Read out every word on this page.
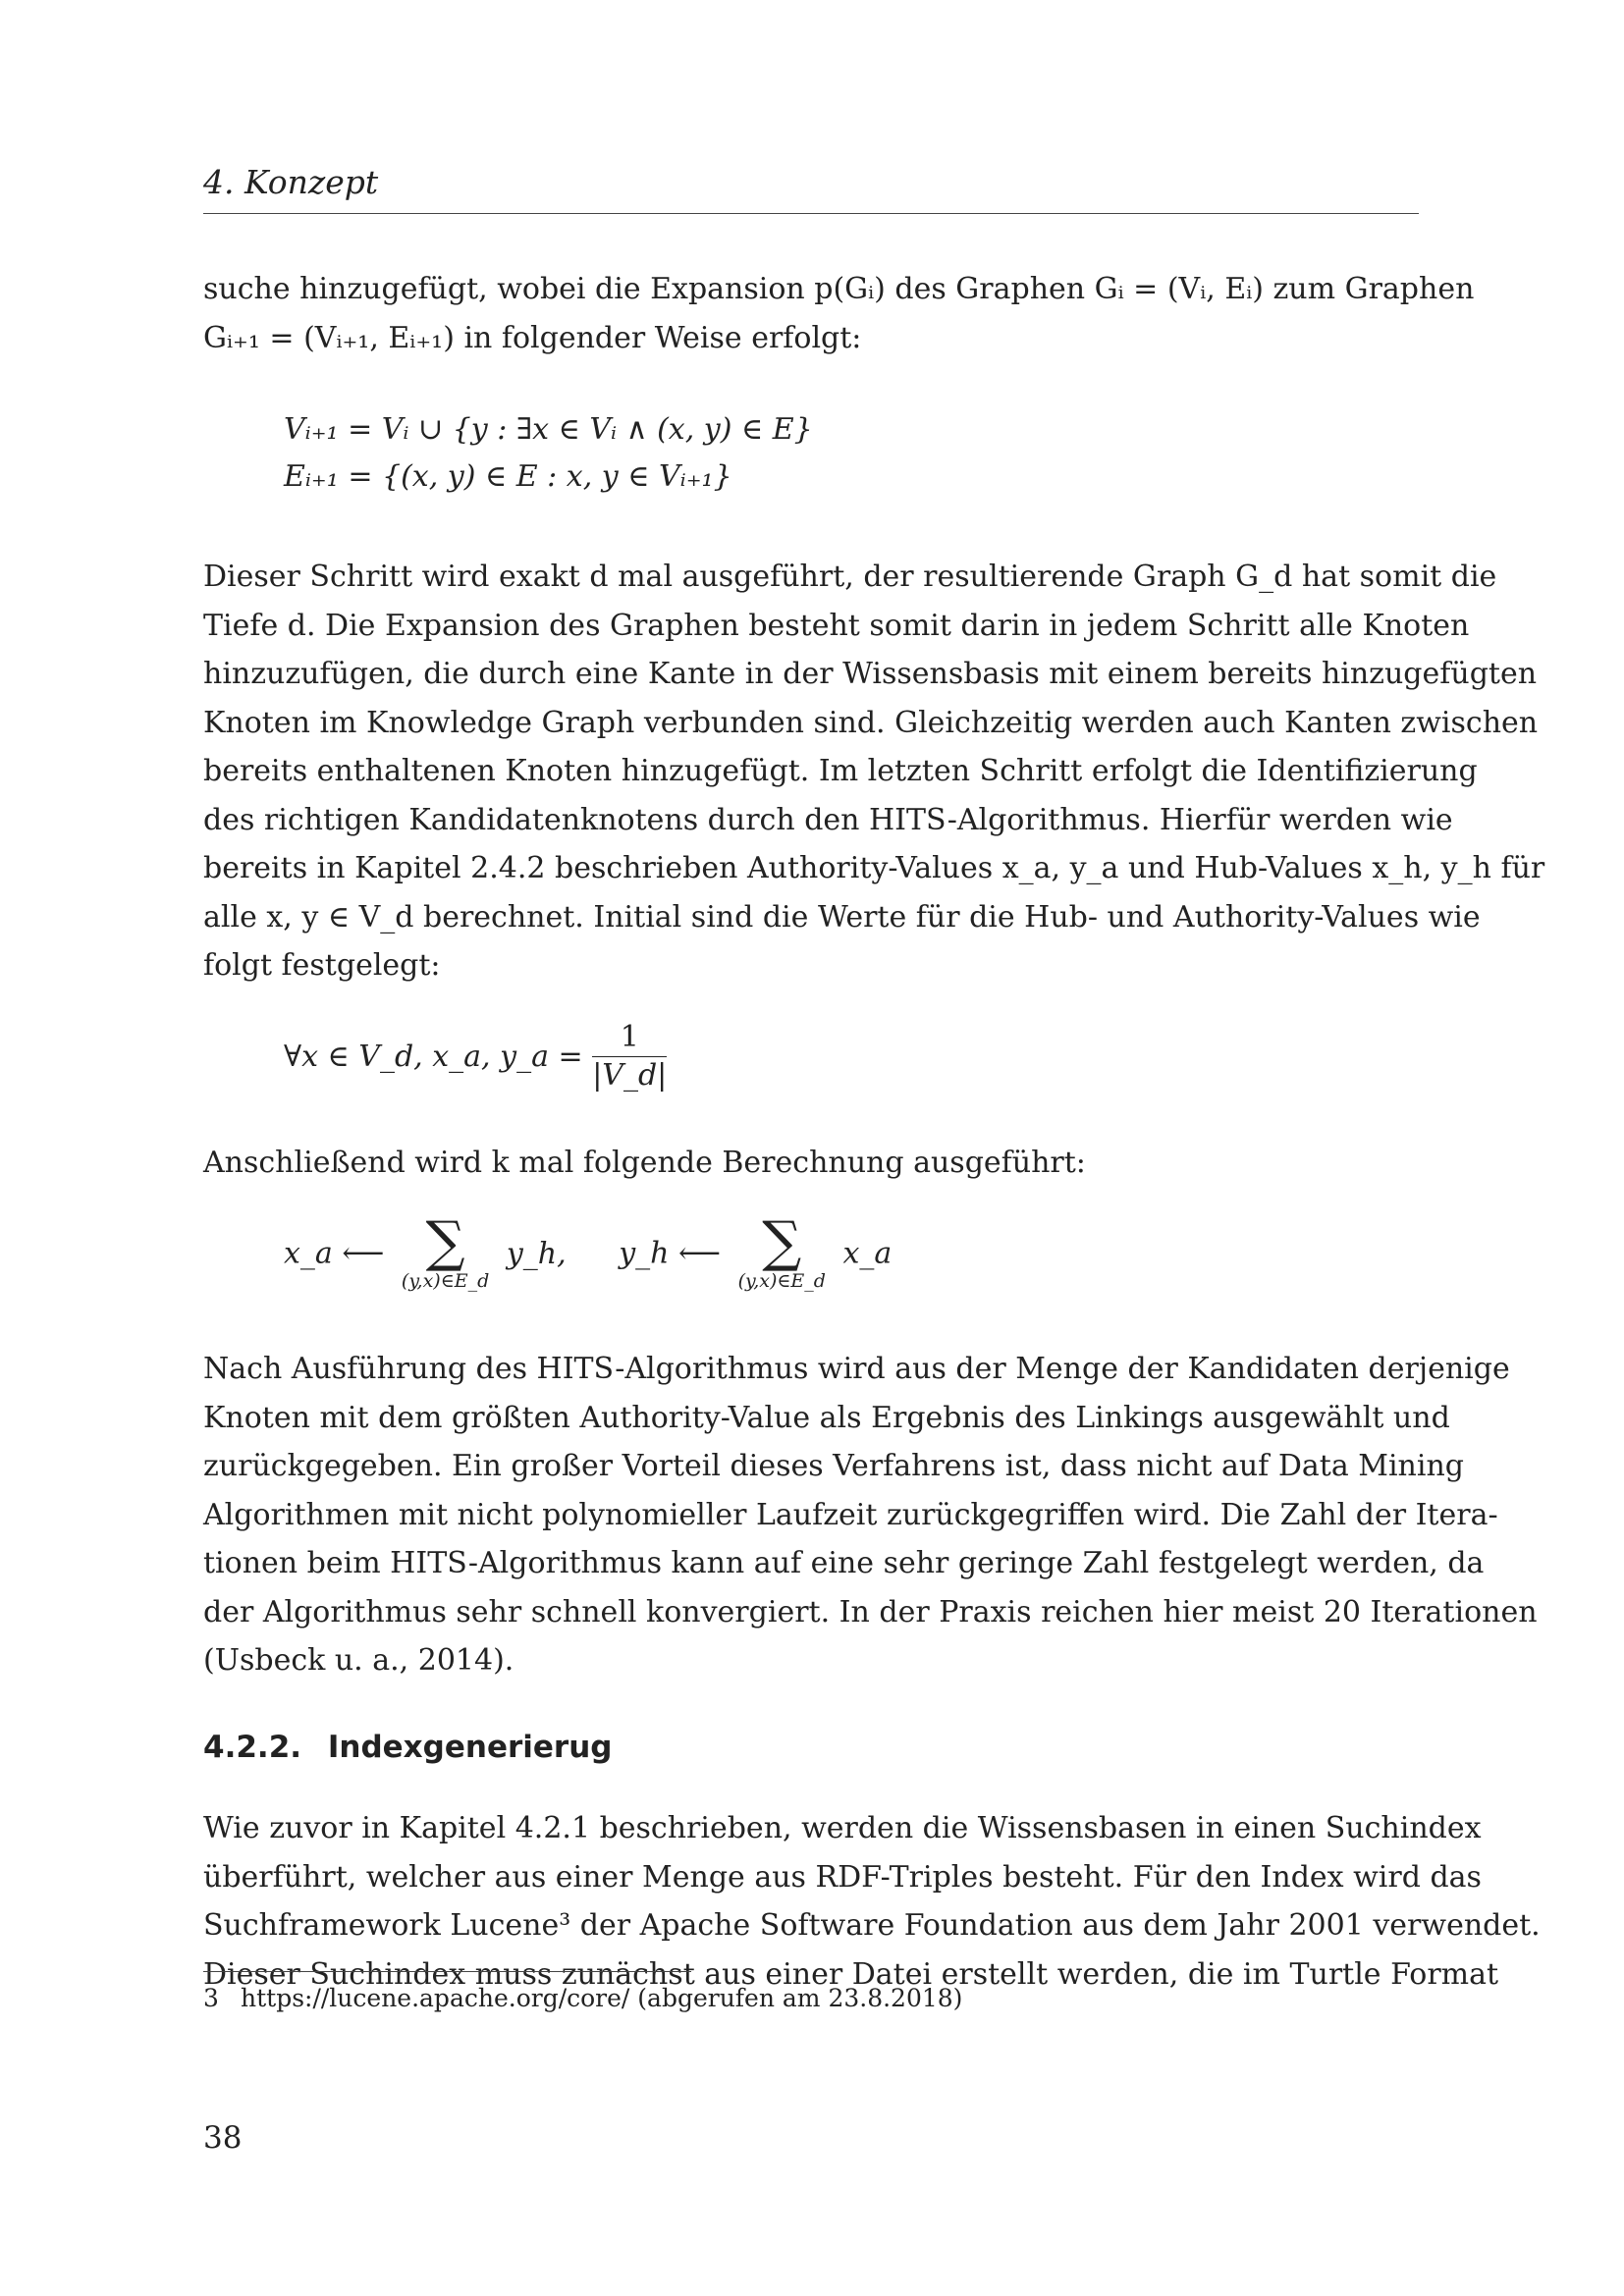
4. Konzept
suche hinzugefügt, wobei die Expansion p(Gᵢ) des Graphen Gᵢ = (Vᵢ, Eᵢ) zum Graphen
Gᵢ₊₁ = (Vᵢ₊₁, Eᵢ₊₁) in folgender Weise erfolgt:
Vᵢ₊₁ = Vᵢ ∪ {y : ∃x ∈ Vᵢ ∧ (x, y) ∈ E}
Eᵢ₊₁ = {(x, y) ∈ E : x, y ∈ Vᵢ₊₁}
Dieser Schritt wird exakt d mal ausgeführt, der resultierende Graph G_d hat somit die
Tiefe d. Die Expansion des Graphen besteht somit darin in jedem Schritt alle Knoten
hinzuzufügen, die durch eine Kante in der Wissensbasis mit einem bereits hinzugefügten
Knoten im Knowledge Graph verbunden sind. Gleichzeitig werden auch Kanten zwischen
bereits enthaltenen Knoten hinzugefügt. Im letzten Schritt erfolgt die Identifizierung
des richtigen Kandidatenknotens durch den HITS-Algorithmus. Hierfür werden wie
bereits in Kapitel 2.4.2 beschrieben Authority-Values x_a, y_a und Hub-Values x_h, y_h für
alle x, y ∈ V_d berechnet. Initial sind die Werte für die Hub- und Authority-Values wie
folgt festgelegt:
∀x ∈ V_d, x_a, y_a = $\frac{1}{|V\_d|}$
Anschließend wird k mal folgende Berechnung ausgeführt:
x_a ⟵ ∑
(y,x)∈E_d
y_h, y_h ⟵ ∑
(y,x)∈E_d
x_a
Nach Ausführung des HITS-Algorithmus wird aus der Menge der Kandidaten derjenige
Knoten mit dem größten Authority-Value als Ergebnis des Linkings ausgewählt und
zurückgegeben. Ein großer Vorteil dieses Verfahrens ist, dass nicht auf Data Mining
Algorithmen mit nicht polynomieller Laufzeit zurückgegriffen wird. Die Zahl der Itera-
tionen beim HITS-Algorithmus kann auf eine sehr geringe Zahl festgelegt werden, da
der Algorithmus sehr schnell konvergiert. In der Praxis reichen hier meist 20 Iterationen
(Usbeck u. a., 2014).
4.2.2. Indexgenerierug
Wie zuvor in Kapitel 4.2.1 beschrieben, werden die Wissensbasen in einen Suchindex
überführt, welcher aus einer Menge aus RDF-Triples besteht. Für den Index wird das
Suchframework Lucene³ der Apache Software Foundation aus dem Jahr 2001 verwendet.
Dieser Suchindex muss zunächst aus einer Datei erstellt werden, die im Turtle Format
3 https://lucene.apache.org/core/ (abgerufen am 23.8.2018)
38
